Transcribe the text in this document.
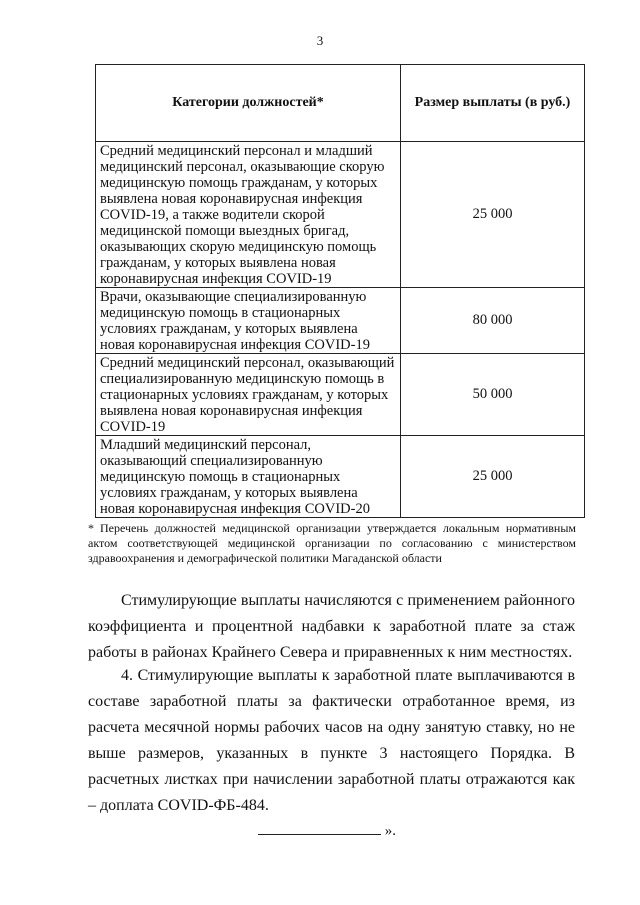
3
Категории должностей*	Размер выплаты (в руб.)
Средний медицинский персонал и младший медицинский персонал, оказывающие скорую медицинскую помощь гражданам, у которых выявлена новая коронавирусная инфекция COVID-19, а также водители скорой медицинской помощи выездных бригад, оказывающих скорую медицинскую помощь гражданам, у которых выявлена новая коронавирусная инфекция COVID-19	25 000
Врачи, оказывающие специализированную медицинскую помощь в стационарных условиях гражданам, у которых выявлена новая коронавирусная инфекция COVID-19	80 000
Средний медицинский персонал, оказывающий специализированную медицинскую помощь в стационарных условиях гражданам, у которых выявлена новая коронавирусная инфекция COVID-19	50 000
Младший медицинский персонал, оказывающий специализированную медицинскую помощь в стационарных условиях гражданам, у которых выявлена новая коронавирусная инфекция COVID-20	25 000
* Перечень должностей медицинской организации утверждается локальным нормативным актом соответствующей медицинской организации по согласованию с министерством здравоохранения и демографической политики Магаданской области
Стимулирующие выплаты начисляются с применением районного коэффициента и процентной надбавки к заработной плате за стаж работы в районах Крайнего Севера и приравненных к ним местностях.
4. Стимулирующие выплаты к заработной плате выплачиваются в составе заработной платы за фактически отработанное время, из расчета месячной нормы рабочих часов на одну занятую ставку, но не выше размеров, указанных в пункте 3 настоящего Порядка. В расчетных листках при начислении заработной платы отражаются как – доплата COVID-ФБ-484.
».
